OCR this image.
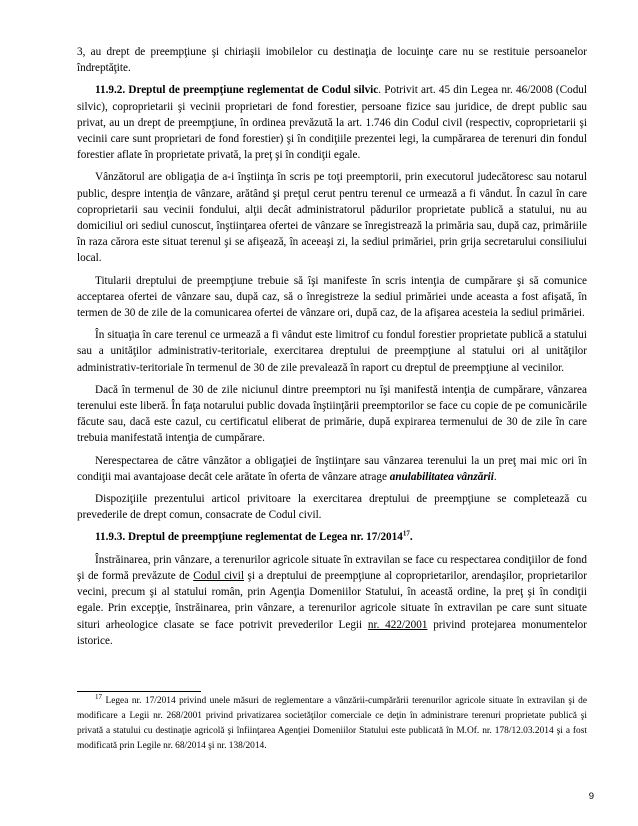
3, au drept de preempţiune şi chiriaşii imobilelor cu destinaţia de locuinţe care nu se restituie persoanelor îndreptăţite.

11.9.2. Dreptul de preempţiune reglementat de Codul silvic. Potrivit art. 45 din Legea nr. 46/2008 (Codul silvic), coproprietarii şi vecinii proprietari de fond forestier, persoane fizice sau juridice, de drept public sau privat, au un drept de preempţiune, în ordinea prevăzută la art. 1.746 din Codul civil (respectiv, coproprietarii şi vecinii care sunt proprietari de fond forestier) şi în condiţiile prezentei legi, la cumpărarea de terenuri din fondul forestier aflate în proprietate privată, la preţ şi în condiţii egale.

Vânzătorul are obligaţia de a-i înştiinţa în scris pe toţi preemptorii, prin executorul judecătoresc sau notarul public, despre intenţia de vânzare, arătând şi preţul cerut pentru terenul ce urmează a fi vândut. În cazul în care coproprietarii sau vecinii fondului, alţii decât administratorul pădurilor proprietate publică a statului, nu au domiciliul ori sediul cunoscut, înştiinţarea ofertei de vânzare se înregistrează la primăria sau, după caz, primăriile în raza cărora este situat terenul şi se afişează, în aceeaşi zi, la sediul primăriei, prin grija secretarului consiliului local.

Titularii dreptului de preempţiune trebuie să îşi manifeste în scris intenţia de cumpărare şi să comunice acceptarea ofertei de vânzare sau, după caz, să o înregistreze la sediul primăriei unde aceasta a fost afişată, în termen de 30 de zile de la comunicarea ofertei de vânzare ori, după caz, de la afişarea acesteia la sediul primăriei.

În situaţia în care terenul ce urmează a fi vândut este limitrof cu fondul forestier proprietate publică a statului sau a unităţilor administrativ-teritoriale, exercitarea dreptului de preempţiune al statului ori al unităţilor administrativ-teritoriale în termenul de 30 de zile prevalează în raport cu dreptul de preempţiune al vecinilor.

Dacă în termenul de 30 de zile niciunul dintre preemptori nu îşi manifestă intenţia de cumpărare, vânzarea terenului este liberă. În faţa notarului public dovada înştiinţării preemptorilor se face cu copie de pe comunicările făcute sau, dacă este cazul, cu certificatul eliberat de primărie, după expirarea termenului de 30 de zile în care trebuia manifestată intenţia de cumpărare.

Nerespectarea de către vânzător a obligaţiei de înştiinţare sau vânzarea terenului la un preţ mai mic ori în condiţii mai avantajoase decât cele arătate în oferta de vânzare atrage anulabilitatea vânzării.

Dispoziţiile prezentului articol privitoare la exercitarea dreptului de preempţiune se completează cu prevederile de drept comun, consacrate de Codul civil.

11.9.3. Dreptul de preempţiune reglementat de Legea nr. 17/2014$^{17}$.

Înstrăinarea, prin vânzare, a terenurilor agricole situate în extravilan se face cu respectarea condiţiilor de fond şi de formă prevăzute de Codul civil şi a dreptului de preempţiune al coproprietarilor, arendaşilor, proprietarilor vecini, precum şi al statului român, prin Agenţia Domeniilor Statului, în această ordine, la preţ şi în condiţii egale. Prin excepţie, înstrăinarea, prin vânzare, a terenurilor agricole situate în extravilan pe care sunt situate situri arheologice clasate se face potrivit prevederilor Legii nr. 422/2001 privind protejarea monumentelor istorice.

$^{17}$ Legea nr. 17/2014 privind unele măsuri de reglementare a vânzării-cumpărării terenurilor agricole situate în extravilan şi de modificare a Legii nr. 268/2001 privind privatizarea societăţilor comerciale ce deţin în administrare terenuri proprietate publică şi privată a statului cu destinaţie agricolă şi înfiinţarea Agenţiei Domeniilor Statului este publicată în M.Of. nr. 178/12.03.2014 şi a fost modificată prin Legile nr. 68/2014 şi nr. 138/2014.
9
